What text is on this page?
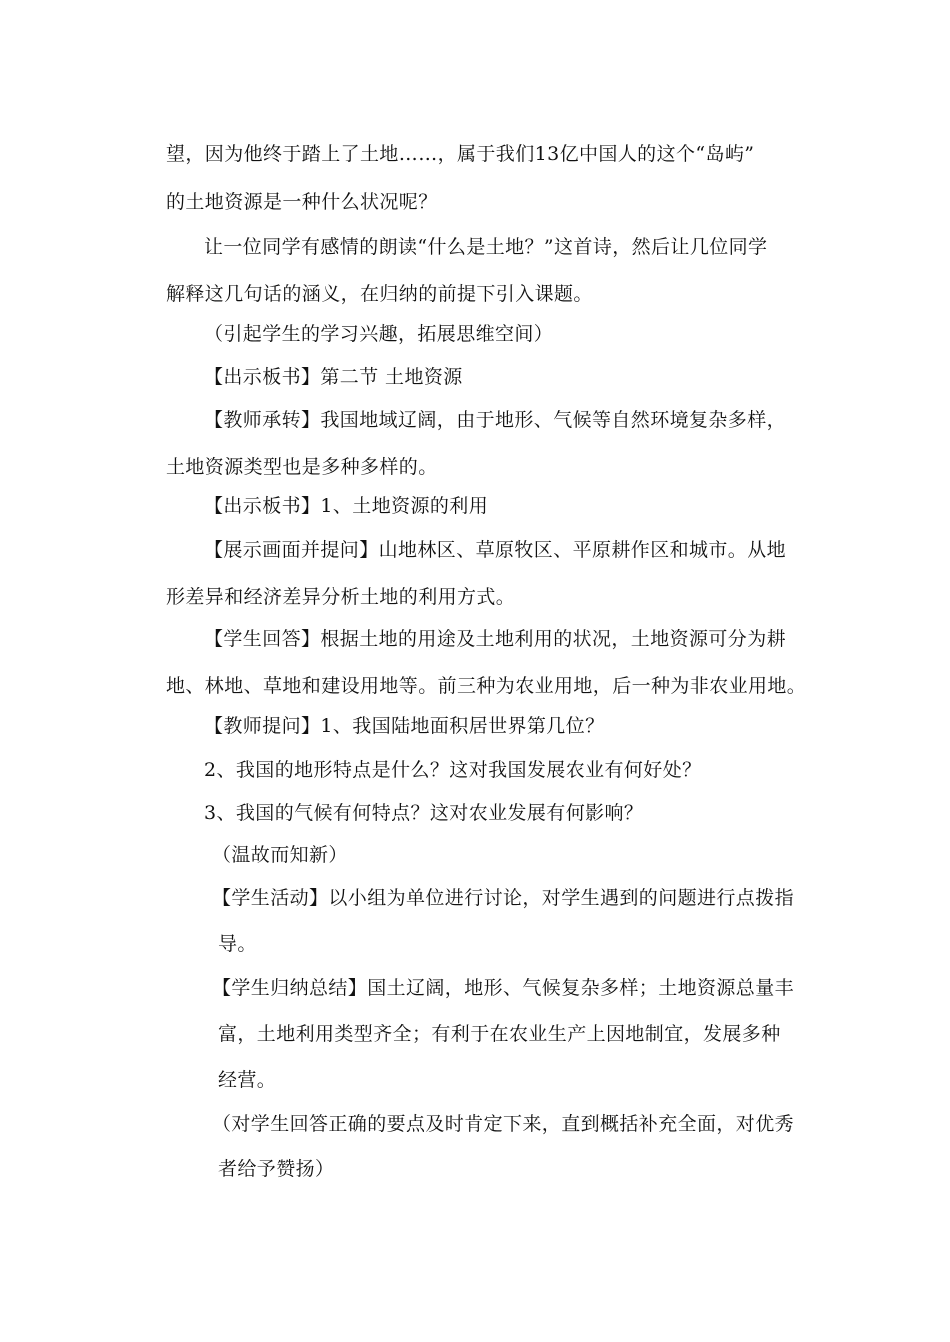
望，因为他终于踏上了土地……，属于我们13亿中国人的这个“岛屿”
的土地资源是一种什么状况呢？
让一位同学有感情的朗读“什么是土地？”这首诗，然后让几位同学
解释这几句话的涵义，在归纳的前提下引入课题。
（引起学生的学习兴趣，拓展思维空间）
【出示板书】第二节 土地资源
【教师承转】我国地域辽阔，由于地形、气候等自然环境复杂多样，
土地资源类型也是多种多样的。
【出示板书】1、土地资源的利用
【展示画面并提问】山地林区、草原牧区、平原耕作区和城市。从地
形差异和经济差异分析土地的利用方式。
【学生回答】根据土地的用途及土地利用的状况，土地资源可分为耕
地、林地、草地和建设用地等。前三种为农业用地，后一种为非农业用地。
【教师提问】1、我国陆地面积居世界第几位？
2、我国的地形特点是什么？这对我国发展农业有何好处？
3、我国的气候有何特点？这对农业发展有何影响？
（温故而知新）
【学生活动】以小组为单位进行讨论，对学生遇到的问题进行点拨指
导。
【学生归纳总结】国土辽阔，地形、气候复杂多样；土地资源总量丰
富，土地利用类型齐全；有利于在农业生产上因地制宜，发展多种
经营。
（对学生回答正确的要点及时肯定下来，直到概括补充全面，对优秀
者给予赞扬）
